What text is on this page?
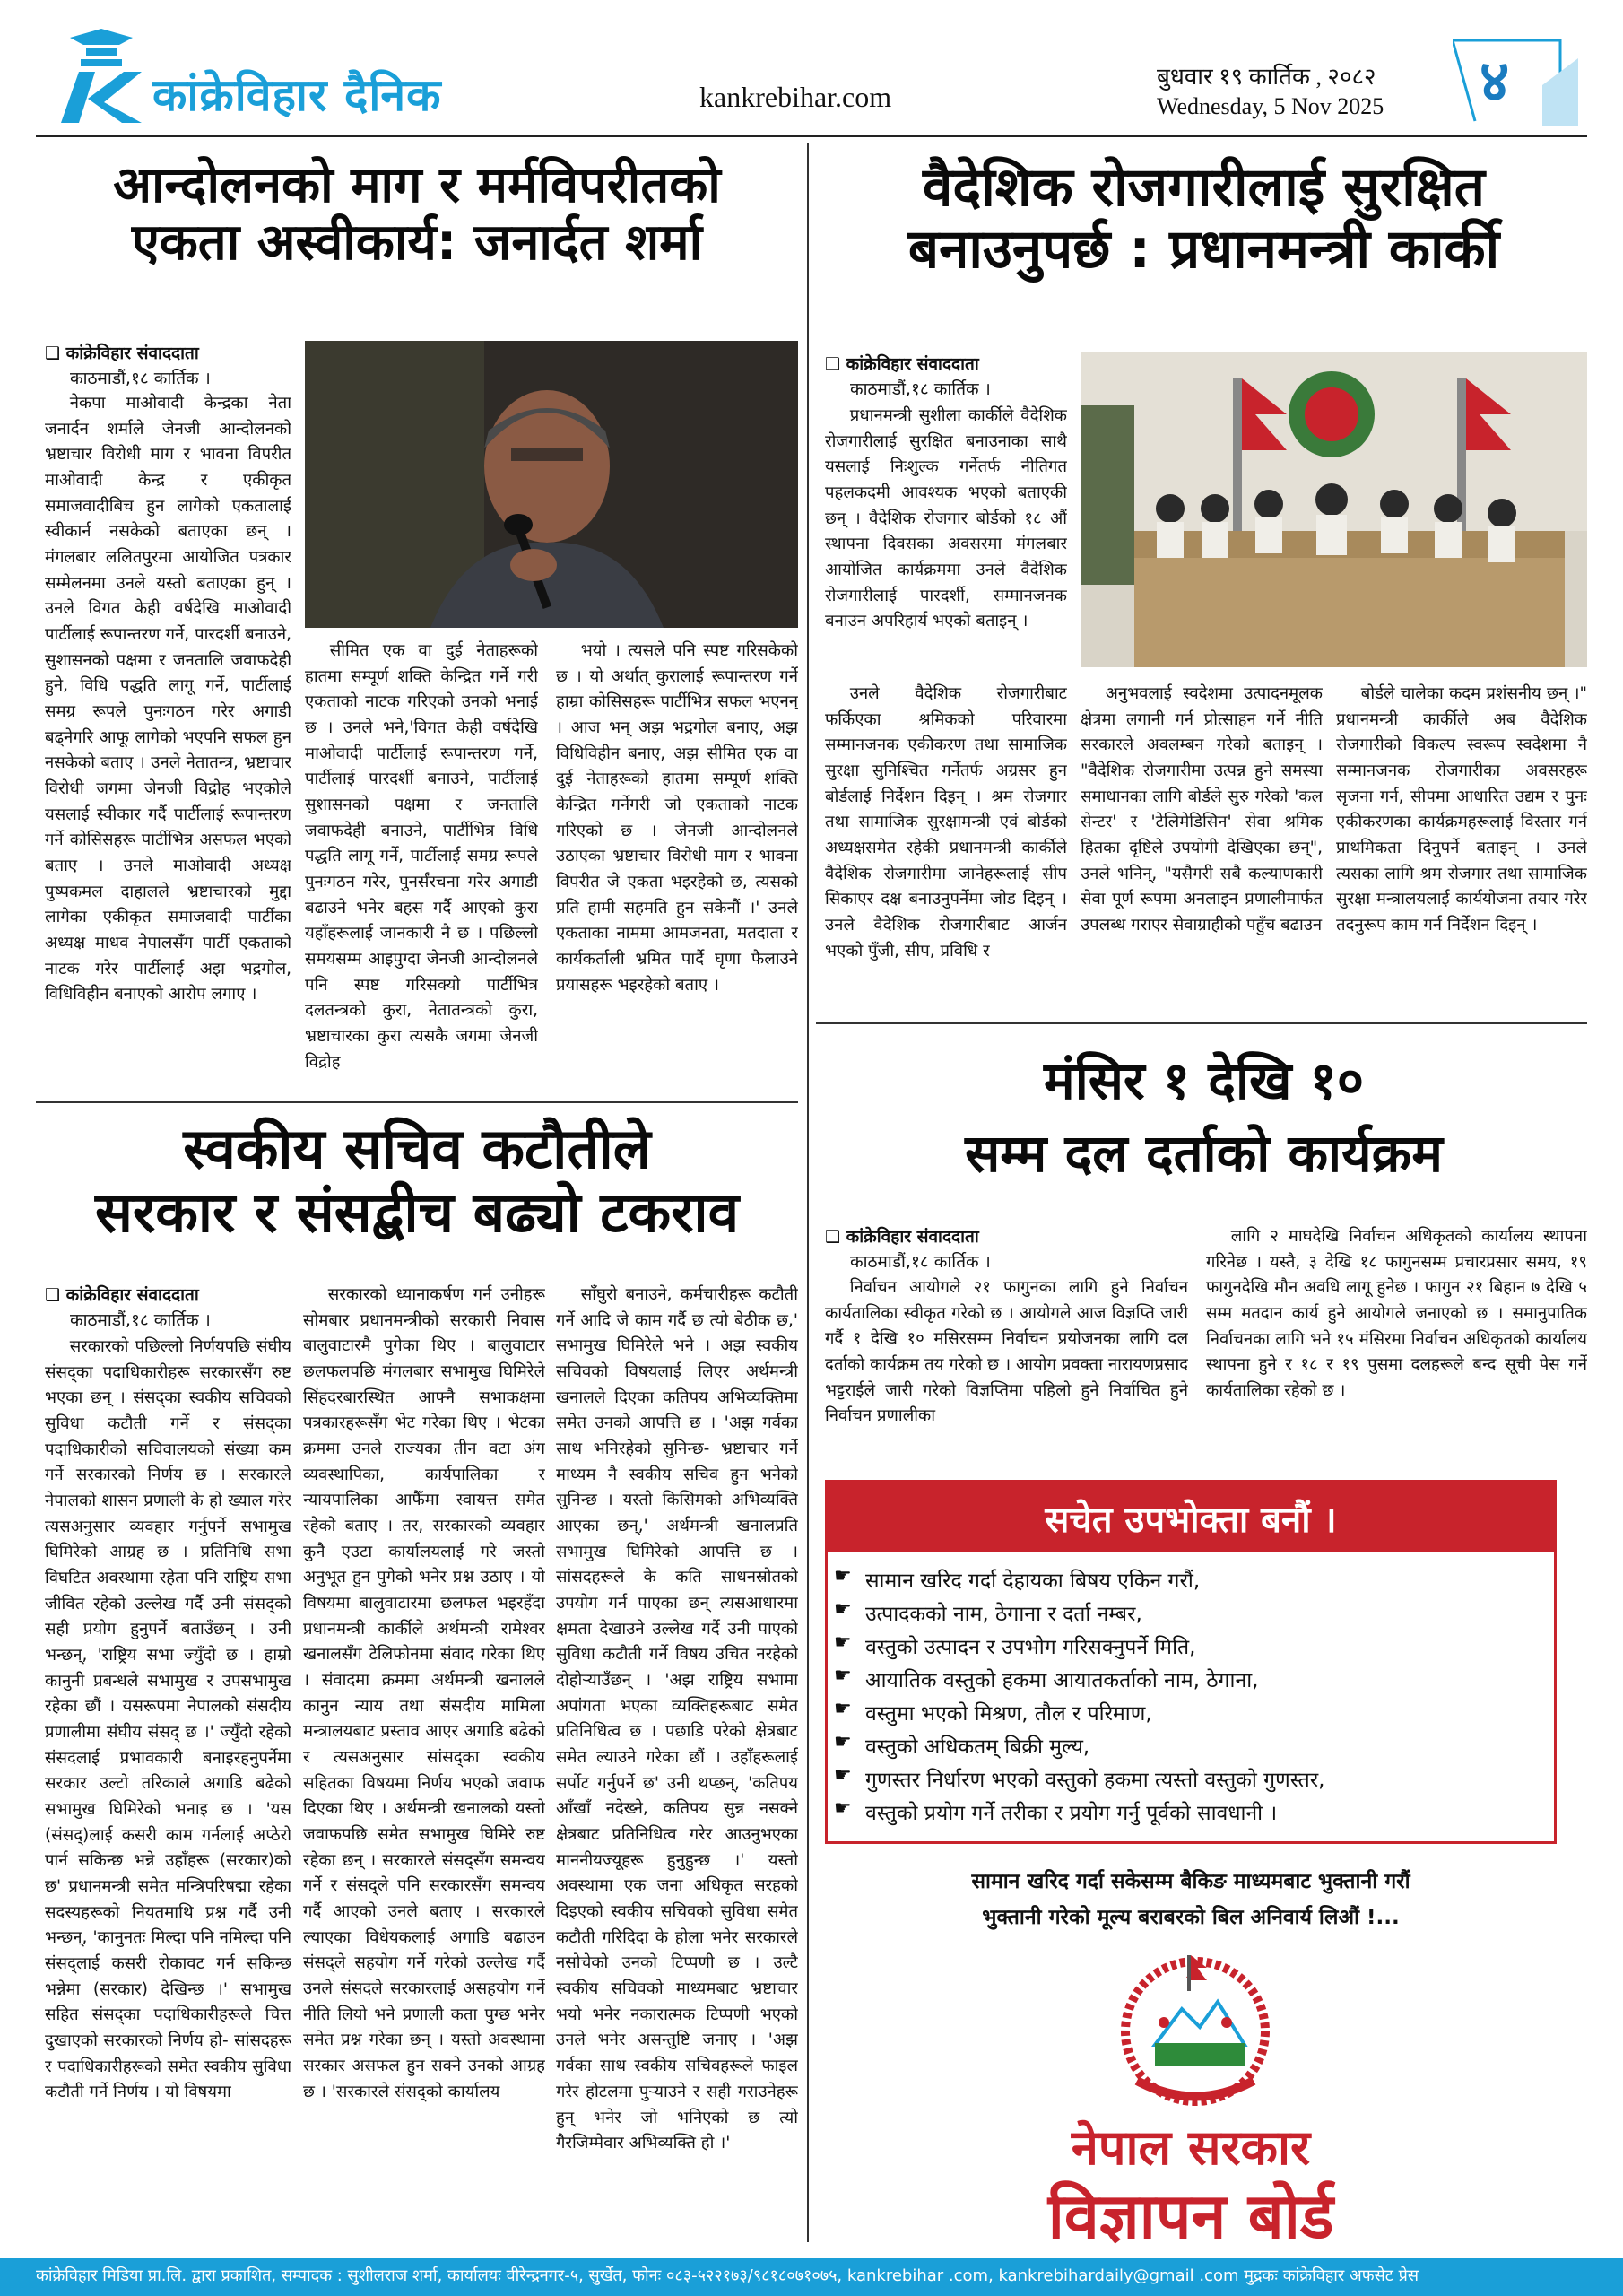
कांक्रेविहार दैनिक	kankrebihar.com
बुधवार १९ कार्तिक , २०८२
Wednesday, 5 Nov 2025 ४
आन्दोलनको माग र मर्मविपरीतको
एकता अस्वीकार्य: जनार्दत शर्मा
❑ कांक्रेविहार संवाददाता
काठमाडौं,१८ कार्तिक ।

नेकपा माओवादी केन्द्रका नेता जनार्दन शर्माले जेनजी आन्दोलनको भ्रष्टाचार विरोधी माग र भावना विपरीत माओवादी केन्द्र र एकीकृत समाजवादीबिच हुन लागेको एकतालाई स्वीकार्न नसकेको बताएका छन् । मंगलबार ललितपुरमा आयोजित पत्रकार सम्मेलनमा उनले यस्तो बताएका हुन् । उनले विगत केही वर्षदेखि माओवादी पार्टीलाई रूपान्तरण गर्ने, पारदर्शी बनाउने, सुशासनको पक्षमा र जनतालि जवाफदेही हुने, विधि पद्धति लागू गर्ने, पार्टीलाई समग्र रूपले पुनःगठन गरेर अगाडी बढ्नेगरि आफू लागेको भएपनि सफल हुन नसकेको बताए । उनले नेतातन्त्र, भ्रष्टाचार विरोधी जगमा जेनजी विद्रोह भएकोले यसलाई स्वीकार गर्दै पार्टीलाई रूपान्तरण गर्ने कोसिसहरू पार्टीभित्र असफल भएको बताए । उनले माओवादी अध्यक्ष पुष्पकमल दाहालले भ्रष्टाचारको मुद्दा लागेका एकीकृत समाजवादी पार्टीका अध्यक्ष माधव नेपालसँग पार्टी एकताको नाटक गरेर पार्टीलाई अझ भद्रगोल, विधिविहीन बनाएको आरोप लगाए ।

सीमित एक वा दुई नेताहरूको हातमा सम्पूर्ण शक्ति केन्द्रित गर्ने गरी एकताको नाटक गरिएको उनको भनाई छ । उनले भने,'विगत केही वर्षदेखि माओवादी पार्टीलाई रूपान्तरण गर्ने, पार्टीलाई पारदर्शी बनाउने, पार्टीलाई सुशासनको पक्षमा र जनतालि जवाफदेही बनाउने, पार्टीभित्र विधि पद्धति लागू गर्ने, पार्टीलाई समग्र रूपले पुनःगठन गरेर, पुनर्संरचना गरेर अगाडी बढाउने भनेर बहस गर्दै आएको कुरा यहाँहरूलाई जानकारी नै छ । पछिल्लो समयसम्म आइपुग्दा जेनजी आन्दोलनले पनि स्पष्ट गरिसक्यो पार्टीभित्र दलतन्त्रको कुरा, नेतातन्त्रको कुरा, भ्रष्टाचारका कुरा त्यसकै जगमा जेनजी विद्रोह

भयो । त्यसले पनि स्पष्ट गरिसकेको छ । यो अर्थात् कुरालाई रूपान्तरण गर्ने हाम्रा कोसिसहरू पार्टीभित्र सफल भएनन् । आज भन् अझ भद्रगोल बनाए, अझ विधिविहीन बनाए, अझ सीमित एक वा दुई नेताहरूको हातमा सम्पूर्ण शक्ति केन्द्रित गर्नेगरी जो एकताको नाटक गरिएको छ । जेनजी आन्दोलनले उठाएका भ्रष्टाचार विरोधी माग र भावना विपरीत जे एकता भइरहेको छ, त्यसको प्रति हामी सहमति हुन सकेनौं ।' उनले एकताका नाममा आमजनता, मतदाता र कार्यकर्ताली भ्रमित पार्दै घृणा फैलाउने प्रयासहरू भइरहेको बताए ।

वैदेशिक रोजगारीलाई सुरक्षित
बनाउनुपर्छ : प्रधानमन्त्री कार्की
❑ कांक्रेविहार संवाददाता
काठमाडौं,१८ कार्तिक ।

प्रधानमन्त्री सुशीला कार्कीले वैदेशिक रोजगारीलाई सुरक्षित बनाउनाका साथै यसलाई निःशुल्क गर्नेतर्फ नीतिगत पहलकदमी आवश्यक भएको बताएकी छन् । वैदेशिक रोजगार बोर्डको १८ औं स्थापना दिवसका अवसरमा मंगलबार आयोजित कार्यक्रममा उनले वैदेशिक रोजगारीलाई पारदर्शी, सम्मानजनक बनाउन अपरिहार्य भएको बताइन् ।

उनले वैदेशिक रोजगारीबाट फर्किएका श्रमिकको परिवारमा सम्मानजनक एकीकरण तथा सामाजिक सुरक्षा सुनिश्चित गर्नेतर्फ अग्रसर हुन बोर्डलाई निर्देशन दिइन् । श्रम रोजगार तथा सामाजिक सुरक्षामन्त्री एवं बोर्डको अध्यक्षसमेत रहेकी प्रधानमन्त्री कार्कीले वैदेशिक रोजगारीमा जानेहरूलाई सीप सिकाएर दक्ष बनाउनुपर्नेमा जोड दिइन् । उनले वैदेशिक रोजगारीबाट आर्जन भएको पुँजी, सीप, प्रविधि र

अनुभवलाई स्वदेशमा उत्पादनमूलक क्षेत्रमा लगानी गर्न प्रोत्साहन गर्ने नीति सरकारले अवलम्बन गरेको बताइन् । "वैदेशिक रोजगारीमा उत्पन्न हुने समस्या समाधानका लागि बोर्डले सुरु गरेको 'कल सेन्टर' र 'टेलिमेडिसिन' सेवा श्रमिक हितका दृष्टिले उपयोगी देखिएका छन्", उनले भनिन्, "यसैगरी सबै कल्याणकारी सेवा पूर्ण रूपमा अनलाइन प्रणालीमार्फत उपलब्ध गराएर सेवाग्राहीको पहुँच बढाउन

बोर्डले चालेका कदम प्रशंसनीय छन् ।" प्रधानमन्त्री कार्कीले अब वैदेशिक रोजगारीको विकल्प स्वरूप स्वदेशमा नै सम्मानजनक रोजगारीका अवसरहरू सृजना गर्न, सीपमा आधारित उद्यम र पुनः एकीकरणका कार्यक्रमहरूलाई विस्तार गर्न प्राथमिकता दिनुपर्ने बताइन् । उनले त्यसका लागि श्रम रोजगार तथा सामाजिक सुरक्षा मन्त्रालयलाई कार्ययोजना तयार गरेर तदनुरूप काम गर्न निर्देशन दिइन् ।

स्वकीय सचिव कटौतीले
सरकार र संसद्बीच बढ्यो टकराव
❑ कांक्रेविहार संवाददाता
काठमाडौं,१८ कार्तिक ।

सरकारको पछिल्लो निर्णयपछि संघीय संसद्का पदाधिकारीहरू सरकारसँग रुष्ट भएका छन् । संसद्का स्वकीय सचिवको सुविधा कटौती गर्ने र संसद्का पदाधिकारीको सचिवालयको संख्या कम गर्ने सरकारको निर्णय छ । सरकारले नेपालको शासन प्रणाली के हो ख्याल गरेर त्यसअनुसार व्यवहार गर्नुपर्ने सभामुख घिमिरेको आग्रह छ । प्रतिनिधि सभा विघटित अवस्थामा रहेता पनि राष्ट्रिय सभा जीवित रहेको उल्लेख गर्दै उनी संसद्को सही प्रयोग हुनुपर्ने बताउँछन् । उनी भन्छन्, 'राष्ट्रिय सभा ज्युँदो छ । हाम्रो कानुनी प्रबन्धले सभामुख र उपसभामुख रहेका छौं । यसरूपमा नेपालको संसदीय प्रणालीमा संघीय संसद् छ ।' ज्युँदो रहेको संसदलाई प्रभावकारी बनाइरहनुपर्नेमा सरकार उल्टो तरिकाले अगाडि बढेको सभामुख घिमिरेको भनाइ छ । 'यस (संसद्)लाई कसरी काम गर्नलाई अप्ठेरो पार्न सकिन्छ भन्ने उहाँहरू (सरकार)को छ' प्रधानमन्त्री समेत मन्त्रिपरिषद्मा रहेका सदस्यहरूको नियतमाथि प्रश्न गर्दै उनी भन्छन्, 'कानुनतः मिल्दा पनि नमिल्दा पनि संसद्लाई कसरी रोकावट गर्न सकिन्छ भन्नेमा (सरकार) देखिन्छ ।' सभामुख सहित संसद्का पदाधिकारीहरूले चित्त दुखाएको सरकारको निर्णय हो- सांसदहरू र पदाधिकारीहरूको समेत स्वकीय सुविधा कटौती गर्ने निर्णय । यो विषयमा

सरकारको ध्यानाकर्षण गर्न उनीहरू सोमबार प्रधानमन्त्रीको सरकारी निवास बालुवाटारमै पुगेका थिए । बालुवाटार छलफलपछि मंगलबार सभामुख घिमिरेले सिंहदरबारस्थित आफ्नै सभाकक्षमा पत्रकारहरूसँग भेट गरेका थिए । भेटका क्रममा उनले राज्यका तीन वटा अंग व्यवस्थापिका, कार्यपालिका र न्यायपालिका आफैँमा स्वायत्त समेत रहेको बताए । तर, सरकारको व्यवहार कुनै एउटा कार्यालयलाई गरे जस्तो अनुभूत हुन पुगेको भनेर प्रश्न उठाए । यो विषयमा बालुवाटारमा छलफल भइरहँदा प्रधानमन्त्री कार्कीले अर्थमन्त्री रामेश्वर खनालसँग टेलिफोनमा संवाद गरेका थिए । संवादमा क्रममा अर्थमन्त्री खनालले कानुन न्याय तथा संसदीय मामिला मन्त्रालयबाट प्रस्ताव आएर अगाडि बढेको र त्यसअनुसार सांसद्का स्वकीय सहितका विषयमा निर्णय भएको जवाफ दिएका थिए । अर्थमन्त्री खनालको यस्तो जवाफपछि समेत सभामुख घिमिरे रुष्ट रहेका छन् । सरकारले संसद्सँग समन्वय गर्ने र संसद्ले पनि सरकारसँग समन्वय गर्दै आएको उनले बताए । सरकारले ल्याएका विधेयकलाई अगाडि बढाउन संसद्ले सहयोग गर्ने गरेको उल्लेख गर्दै उनले संसदले सरकारलाई असहयोग गर्ने नीति लियो भने प्रणाली कता पुग्छ भनेर समेत प्रश्न गरेका छन् । यस्तो अवस्थामा सरकार असफल हुन सक्ने उनको आग्रह छ । 'सरकारले संसद्को कार्यालय

साँघुरो बनाउने, कर्मचारीहरू कटौती गर्ने आदि जे काम गर्दै छ त्यो बेठीक छ,' सभामुख घिमिरेले भने । अझ स्वकीय सचिवको विषयलाई लिएर अर्थमन्त्री खनालले दिएका कतिपय अभिव्यक्तिमा समेत उनको आपत्ति छ । 'अझ गर्वका साथ भनिरहेको सुनिन्छ- भ्रष्टाचार गर्ने माध्यम नै स्वकीय सचिव हुन भनेको सुनिन्छ । यस्तो किसिमको अभिव्यक्ति आएका छन्,' अर्थमन्त्री खनालप्रति सभामुख घिमिरेको आपत्ति छ । सांसदहरूले के कति साधनस्रोतको उपयोग गर्न पाएका छन् त्यसआधारमा क्षमता देखाउने उल्लेख गर्दै उनी पाएको सुविधा कटौती गर्ने विषय उचित नरहेको दोहोऱ्याउँछन् । 'अझ राष्ट्रिय सभामा अपांगता भएका व्यक्तिहरूबाट समेत प्रतिनिधित्व छ । पछाडि परेको क्षेत्रबाट समेत ल्याउने गरेका छौं । उहाँहरूलाई सर्पोट गर्नुपर्ने छ' उनी थप्छन्, 'कतिपय आँखाँ नदेख्ने, कतिपय सुन्न नसक्ने क्षेत्रबाट प्रतिनिधित्व गरेर आउनुभएका माननीयज्यूहरू हुनुहुन्छ ।' यस्तो अवस्थामा एक जना अधिकृत सरहको दिइएको स्वकीय सचिवको सुविधा समेत कटौती गरिदिदा के होला भनेर सरकारले नसोचेको उनको टिप्पणी छ । उल्टै स्वकीय सचिवको माध्यमबाट भ्रष्टाचार भयो भनेर नकारात्मक टिप्पणी भएको उनले भनेर असन्तुष्टि जनाए । 'अझ गर्वका साथ स्वकीय सचिवहरूले फाइल गरेर होटलमा पुऱ्याउने र सही गराउनेहरू हुन् भनेर जो भनिएको छ त्यो गैरजिम्मेवार अभिव्यक्ति हो ।'

मंसिर १ देखि १०
सम्म दल दर्ताको कार्यक्रम
❑ कांक्रेविहार संवाददाता
काठमाडौं,१८ कार्तिक ।

निर्वाचन आयोगले २१ फागुनका लागि हुने निर्वाचन कार्यतालिका स्वीकृत गरेको छ । आयोगले आज विज्ञप्ति जारी गर्दै १ देखि १० मसिरसम्म निर्वाचन प्रयोजनका लागि दल दर्ताको कार्यक्रम तय गरेको छ । आयोग प्रवक्ता नारायणप्रसाद भट्टराईले जारी गरेको विज्ञप्तिमा पहिलो हुने निर्वाचित हुने निर्वाचन प्रणालीका

लागि २ माघदेखि निर्वाचन अधिकृतको कार्यालय स्थापना गरिनेछ । यस्तै, ३ देखि १८ फागुनसम्म प्रचारप्रसार समय, १९ फागुनदेखि मौन अवधि लागू हुनेछ । फागुन २१ बिहान ७ देखि ५ सम्म मतदान कार्य हुने आयोगले जनाएको छ । समानुपातिक निर्वाचनका लागि भने १५ मंसिरमा निर्वाचन अधिकृतको कार्यालय स्थापना हुने र १८ र १९ पुसमा दलहरूले बन्द सूची पेस गर्ने कार्यतालिका रहेको छ ।

सचेत उपभोक्ता बनौं ।
☛ सामान खरिद गर्दा देहायका बिषय एकिन गरौं,
☛ उत्पादकको नाम, ठेगाना र दर्ता नम्बर,
☛ वस्तुको उत्पादन र उपभोग गरिसक्नुपर्ने मिति,
☛ आयातिक वस्तुको हकमा आयातकर्ताको नाम, ठेगाना,
☛ वस्तुमा भएको मिश्रण, तौल र परिमाण,
☛ वस्तुको अधिकतम् बिक्री मुल्य,
☛ गुणस्तर निर्धारण भएको वस्तुको हकमा त्यस्तो वस्तुको गुणस्तर,
☛ वस्तुको प्रयोग गर्ने तरीका र प्रयोग गर्नु पूर्वको सावधानी ।
सामान खरिद गर्दा सकेसम्म बैकिङ माध्यमबाट भुक्तानी गरौं
भुक्तानी गरेको मूल्य बराबरको बिल अनिवार्य लिऔं !...
नेपाल सरकार
विज्ञापन बोर्ड
कांक्रेविहार मिडिया प्रा.लि. द्वारा प्रकाशित, सम्पादक : सुशीलराज शर्मा, कार्यालयः वीरेन्द्रनगर-५, सुर्खेत, फोनः ०८३-५२२१७३/९८१८०७१०७५, kankrebihar .com, kankrebihardaily@gmail .com मुद्रकः कांक्रेविहार अफसेट प्रेस
